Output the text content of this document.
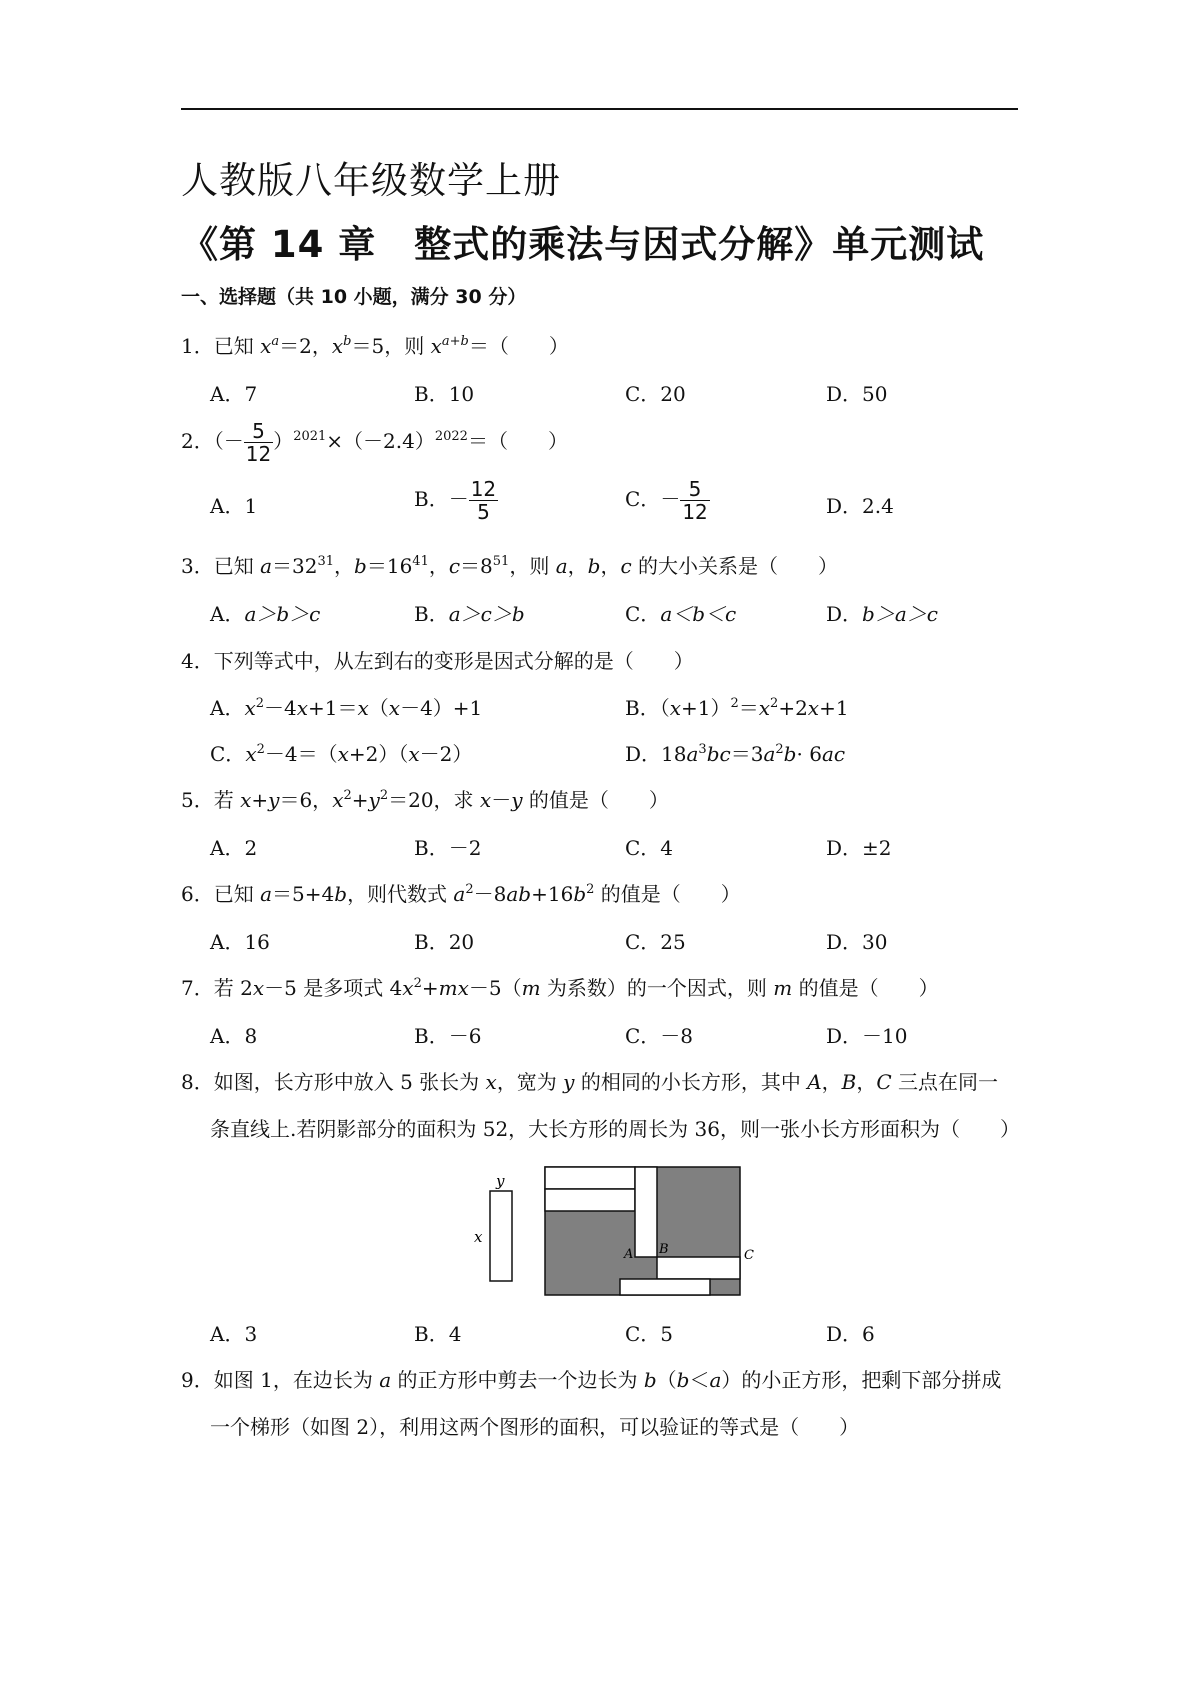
人教版八年级数学上册
《第 14 章　整式的乘法与因式分解》单元测试
一、选择题（共 10 小题，满分 30 分）
1．已知 $x^a=2$，$x^b=5$，则 $x^{a+b}=$（　　）
A．7	B．10	C．20	D．50
2．（－ $\frac{5}{12} )^{2021}\times(-2.4)^{2022}=$（　　）
A．1	B．－ $\frac{12}{5}$	C．－ $\frac{5}{12}$	D．2.4
3．已知 $a=32^{31}$，$b=16^{41}$，$c=8^{51}$，则 a，b，c 的大小关系是（　　）
A．a＞b＞c	B．a＞c＞b	C．a＜b＜c	D．b＞a＞c
4．下列等式中，从左到右的变形是因式分解的是（　　）
A．$x^2-4x+1=x(x-4)+1$	B．$(x+1)^2=x^2+2x+1$
C．$x^2-4=(x+2)(x-2)$	D．$18a^3bc=3a^2b\cdot 6ac$
5．若 x+y＝6，$x^2+y^2=20$，求 x－y 的值是（　　）
A．2	B．－2	C．4	D．±2
6．已知 a＝5+4b，则代数式 $a^2-8ab+16b^2$ 的值是（　　）
A．16	B．20	C．25	D．30
7．若 2x－5 是多项式 $4x^2+mx-5(m$ 为系数）的一个因式，则 m 的值是（　　）
A．8	B．－6	C．－8	D．－10
8．如图，长方形中放入 5 张长为 x，宽为 y 的相同的小长方形，其中 A，B，C 三点在同一
条直线上.若阴影部分的面积为 52，大长方形的周长为 36，则一张小长方形面积为（　　）
y
x
A B	C
A．3	B．4	C．5	D．6
9．如图 1，在边长为 a 的正方形中剪去一个边长为 b（b＜a）的小正方形，把剩下部分拼成
一个梯形（如图 2），利用这两个图形的面积，可以验证的等式是（　　）
